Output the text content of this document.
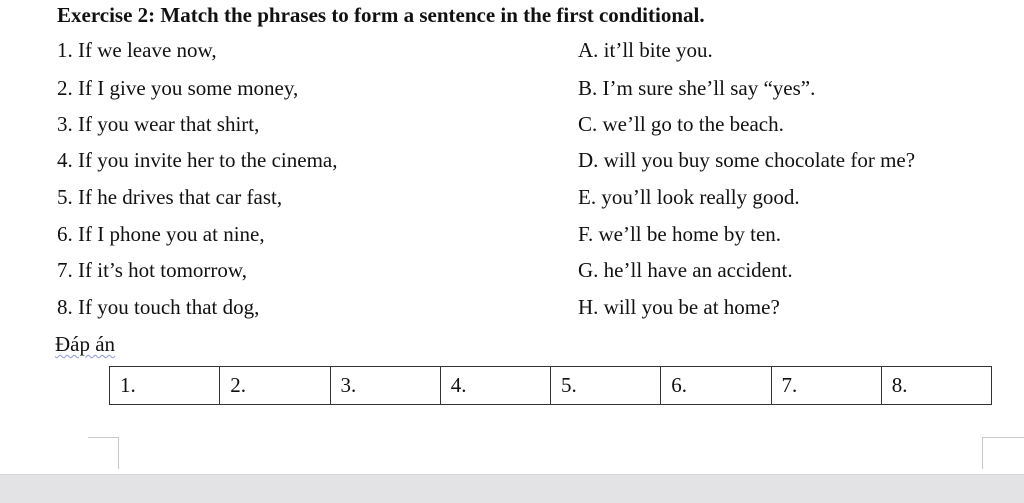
Exercise 2: Match the phrases to form a sentence in the first conditional.
1. If we leave now,
2. If I give you some money,
3. If you wear that shirt,
4. If you invite her to the cinema,
5. If he drives that car fast,
6. If I phone you at nine,
7. If it’s hot tomorrow,
8. If you touch that dog,
A. it’ll bite you.
B. I’m sure she’ll say “yes”.
C. we’ll go to the beach.
D. will you buy some chocolate for me?
E. you’ll look really good.
F. we’ll be home by ten.
G. he’ll have an accident.
H. will you be at home?
Đáp án
1.	2.	3.	4.	5.	6.	7.	8.
